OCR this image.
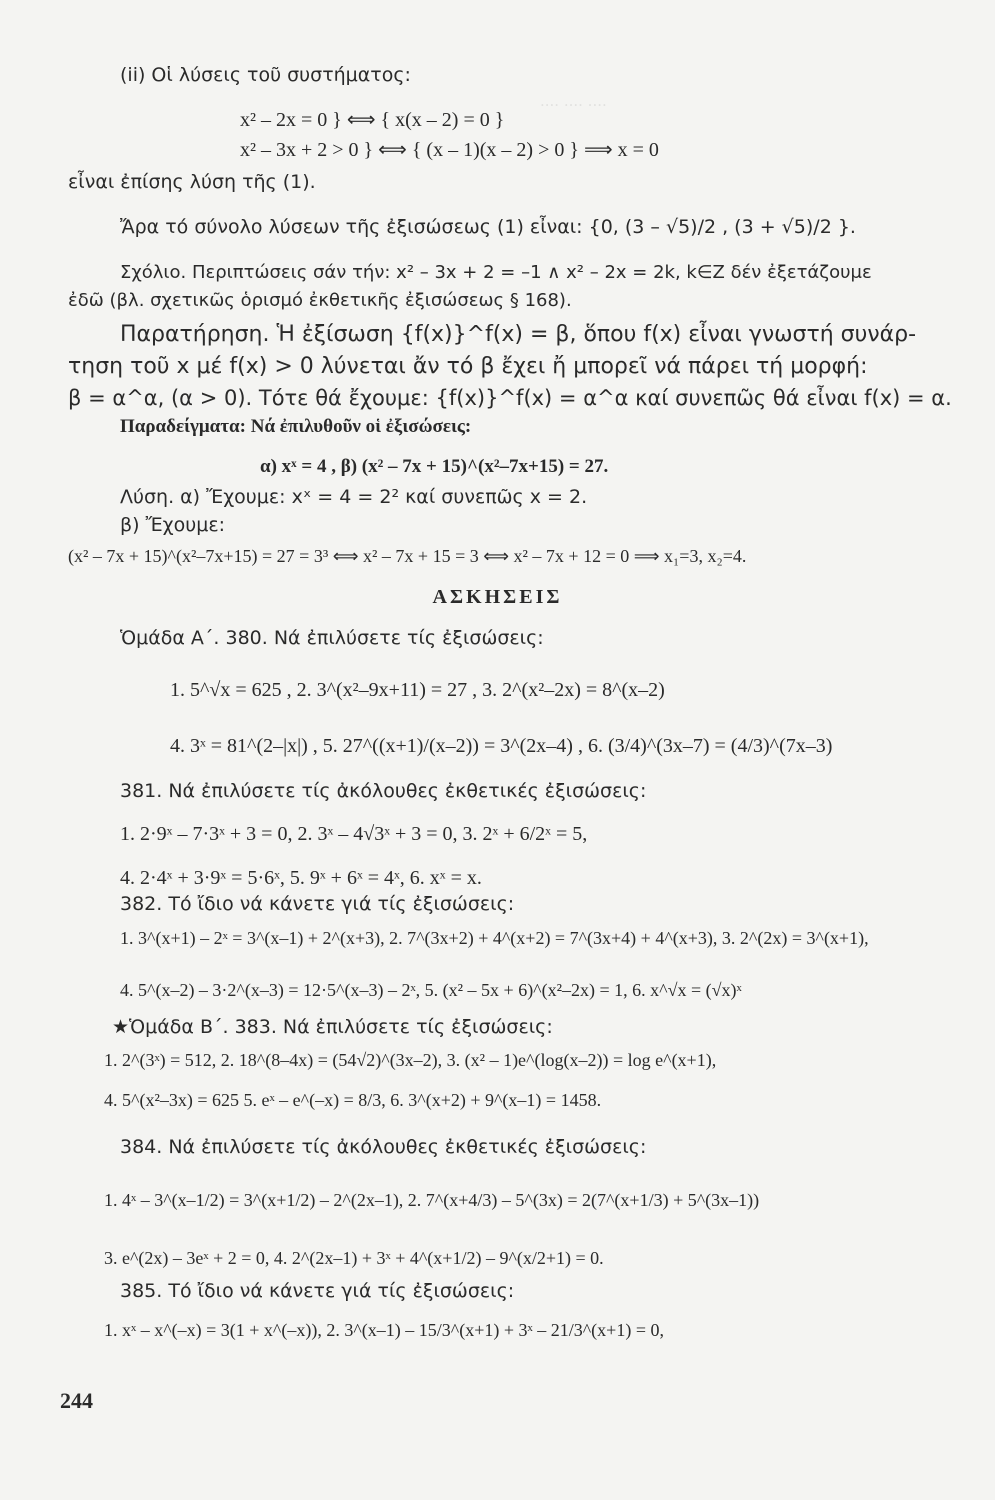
.... .... ....
(ii) Οἱ λύσεις τοῦ συστήματος:
x² – 2x = 0 } ⟺ { x(x – 2) = 0 }
x² – 3x + 2 > 0 } ⟺ { (x – 1)(x – 2) > 0 } ⟹ x = 0
εἶναι ἐπίσης λύση τῆς (1).
Ἄρα τό σύνολο λύσεων τῆς ἐξισώσεως (1) εἶναι: {0, (3 – √5)/2 , (3 + √5)/2 }.
Σχόλιο. Περιπτώσεις σάν τήν: x² – 3x + 2 = –1 ∧ x² – 2x = 2k, k∈Z δέν ἐξετάζουμε
ἐδῶ (βλ. σχετικῶς ὁρισμό ἐκθετικῆς ἐξισώσεως § 168).
Παρατήρηση. Ἡ ἐξίσωση {f(x)}^f(x) = β, ὅπου f(x) εἶναι γνωστή συνάρ-
τηση τοῦ x μέ f(x) > 0 λύνεται ἄν τό β ἔχει ἤ μπορεῖ νά πάρει τή μορφή:
β = α^α, (α > 0). Τότε θά ἔχουμε: {f(x)}^f(x) = α^α καί συνεπῶς θά εἶναι f(x) = α.
Παραδείγματα: Νά ἐπιλυθοῦν οἱ ἐξισώσεις:
α) xˣ = 4 , β) (x² – 7x + 15)^(x²–7x+15) = 27.
Λύση. α) Ἔχουμε: xˣ = 4 = 2² καί συνεπῶς x = 2.
β) Ἔχουμε:
(x² – 7x + 15)^(x²–7x+15) = 27 = 3³ ⟺ x² – 7x + 15 = 3 ⟺ x² – 7x + 12 = 0 ⟹ x₁=3, x₂=4.
ΑΣΚΗΣΕΙΣ
Ὁμάδα Α΄. 380. Νά ἐπιλύσετε τίς ἐξισώσεις:
1. 5^√x = 625 , 2. 3^(x²–9x+11) = 27 , 3. 2^(x²–2x) = 8^(x–2)
4. 3ˣ = 81^(2–|x|) , 5. 27^((x+1)/(x–2)) = 3^(2x–4) , 6. (3/4)^(3x–7) = (4/3)^(7x–3)
381. Νά ἐπιλύσετε τίς ἀκόλουθες ἐκθετικές ἐξισώσεις:
1. 2·9ˣ – 7·3ˣ + 3 = 0, 2. 3ˣ – 4√3ˣ + 3 = 0, 3. 2ˣ + 6/2ˣ = 5,
4. 2·4ˣ + 3·9ˣ = 5·6ˣ, 5. 9ˣ + 6ˣ = 4ˣ, 6. xˣ = x.
382. Τό ἴδιο νά κάνετε γιά τίς ἐξισώσεις:
1. 3^(x+1) – 2ˣ = 3^(x–1) + 2^(x+3), 2. 7^(3x+2) + 4^(x+2) = 7^(3x+4) + 4^(x+3), 3. 2^(2x) = 3^(x+1),
4. 5^(x–2) – 3·2^(x–3) = 12·5^(x–3) – 2ˣ, 5. (x² – 5x + 6)^(x²–2x) = 1, 6. x^√x = (√x)ˣ
★Ὁμάδα Β΄. 383. Νά ἐπιλύσετε τίς ἐξισώσεις:
1. 2^(3ˣ) = 512, 2. 18^(8–4x) = (54√2)^(3x–2), 3. (x² – 1)e^(log(x–2)) = log e^(x+1),
4. 5^(x²–3x) = 625 5. eˣ – e^(–x) = 8/3, 6. 3^(x+2) + 9^(x–1) = 1458.
384. Νά ἐπιλύσετε τίς ἀκόλουθες ἐκθετικές ἐξισώσεις:
1. 4ˣ – 3^(x–1/2) = 3^(x+1/2) – 2^(2x–1), 2. 7^(x+4/3) – 5^(3x) = 2(7^(x+1/3) + 5^(3x–1))
3. e^(2x) – 3eˣ + 2 = 0, 4. 2^(2x–1) + 3ˣ + 4^(x+1/2) – 9^(x/2+1) = 0.
385. Τό ἴδιο νά κάνετε γιά τίς ἐξισώσεις:
1. xˣ – x^(–x) = 3(1 + x^(–x)), 2. 3^(x–1) – 15/3^(x+1) + 3ˣ – 21/3^(x+1) = 0,
244
